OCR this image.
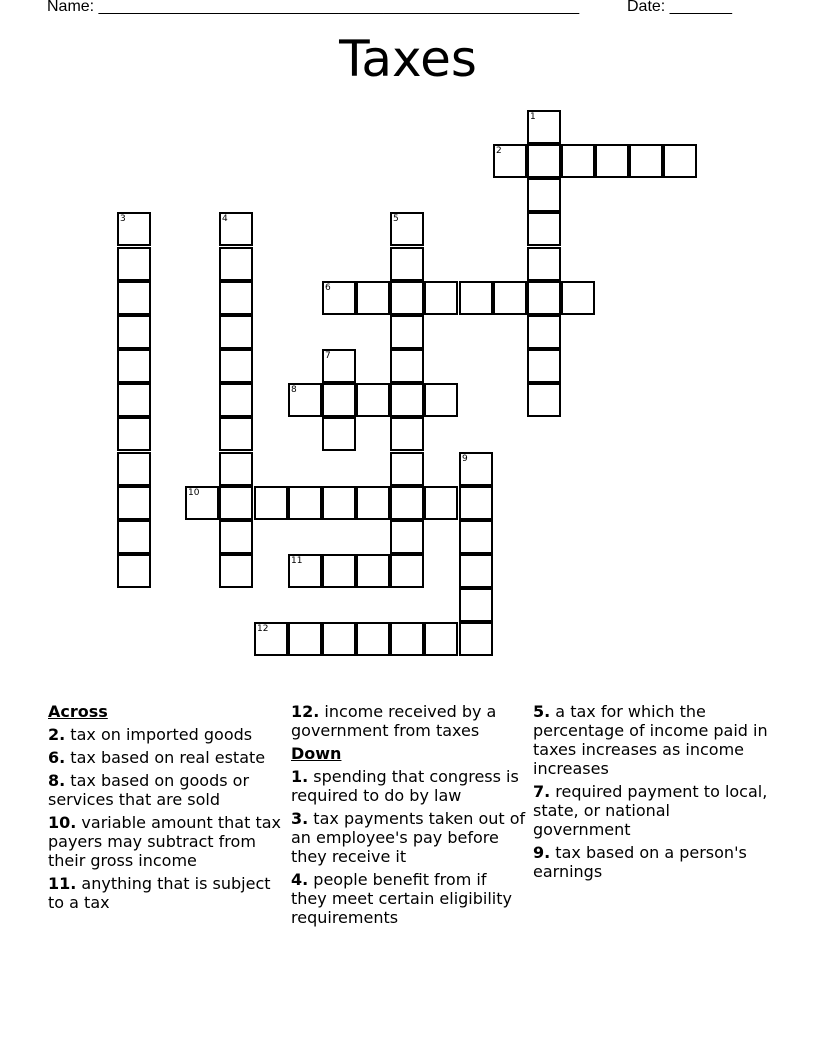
Name: ______________________________________________________	Date: _______
Taxes
1
2
3	4	5
6
7
8
9
10
11
12
Across
2. tax on imported goods
6. tax based on real estate
8. tax based on goods or services that are sold
10. variable amount that tax payers may subtract from their gross income
11. anything that is subject to a tax
12. income received by a government from taxes
Down
1. spending that congress is required to do by law
3. tax payments taken out of an employee's pay before they receive it
4. people benefit from if they meet certain eligibility requirements
5. a tax for which the percentage of income paid in taxes increases as income increases
7. required payment to local, state, or national government
9. tax based on a person's earnings
